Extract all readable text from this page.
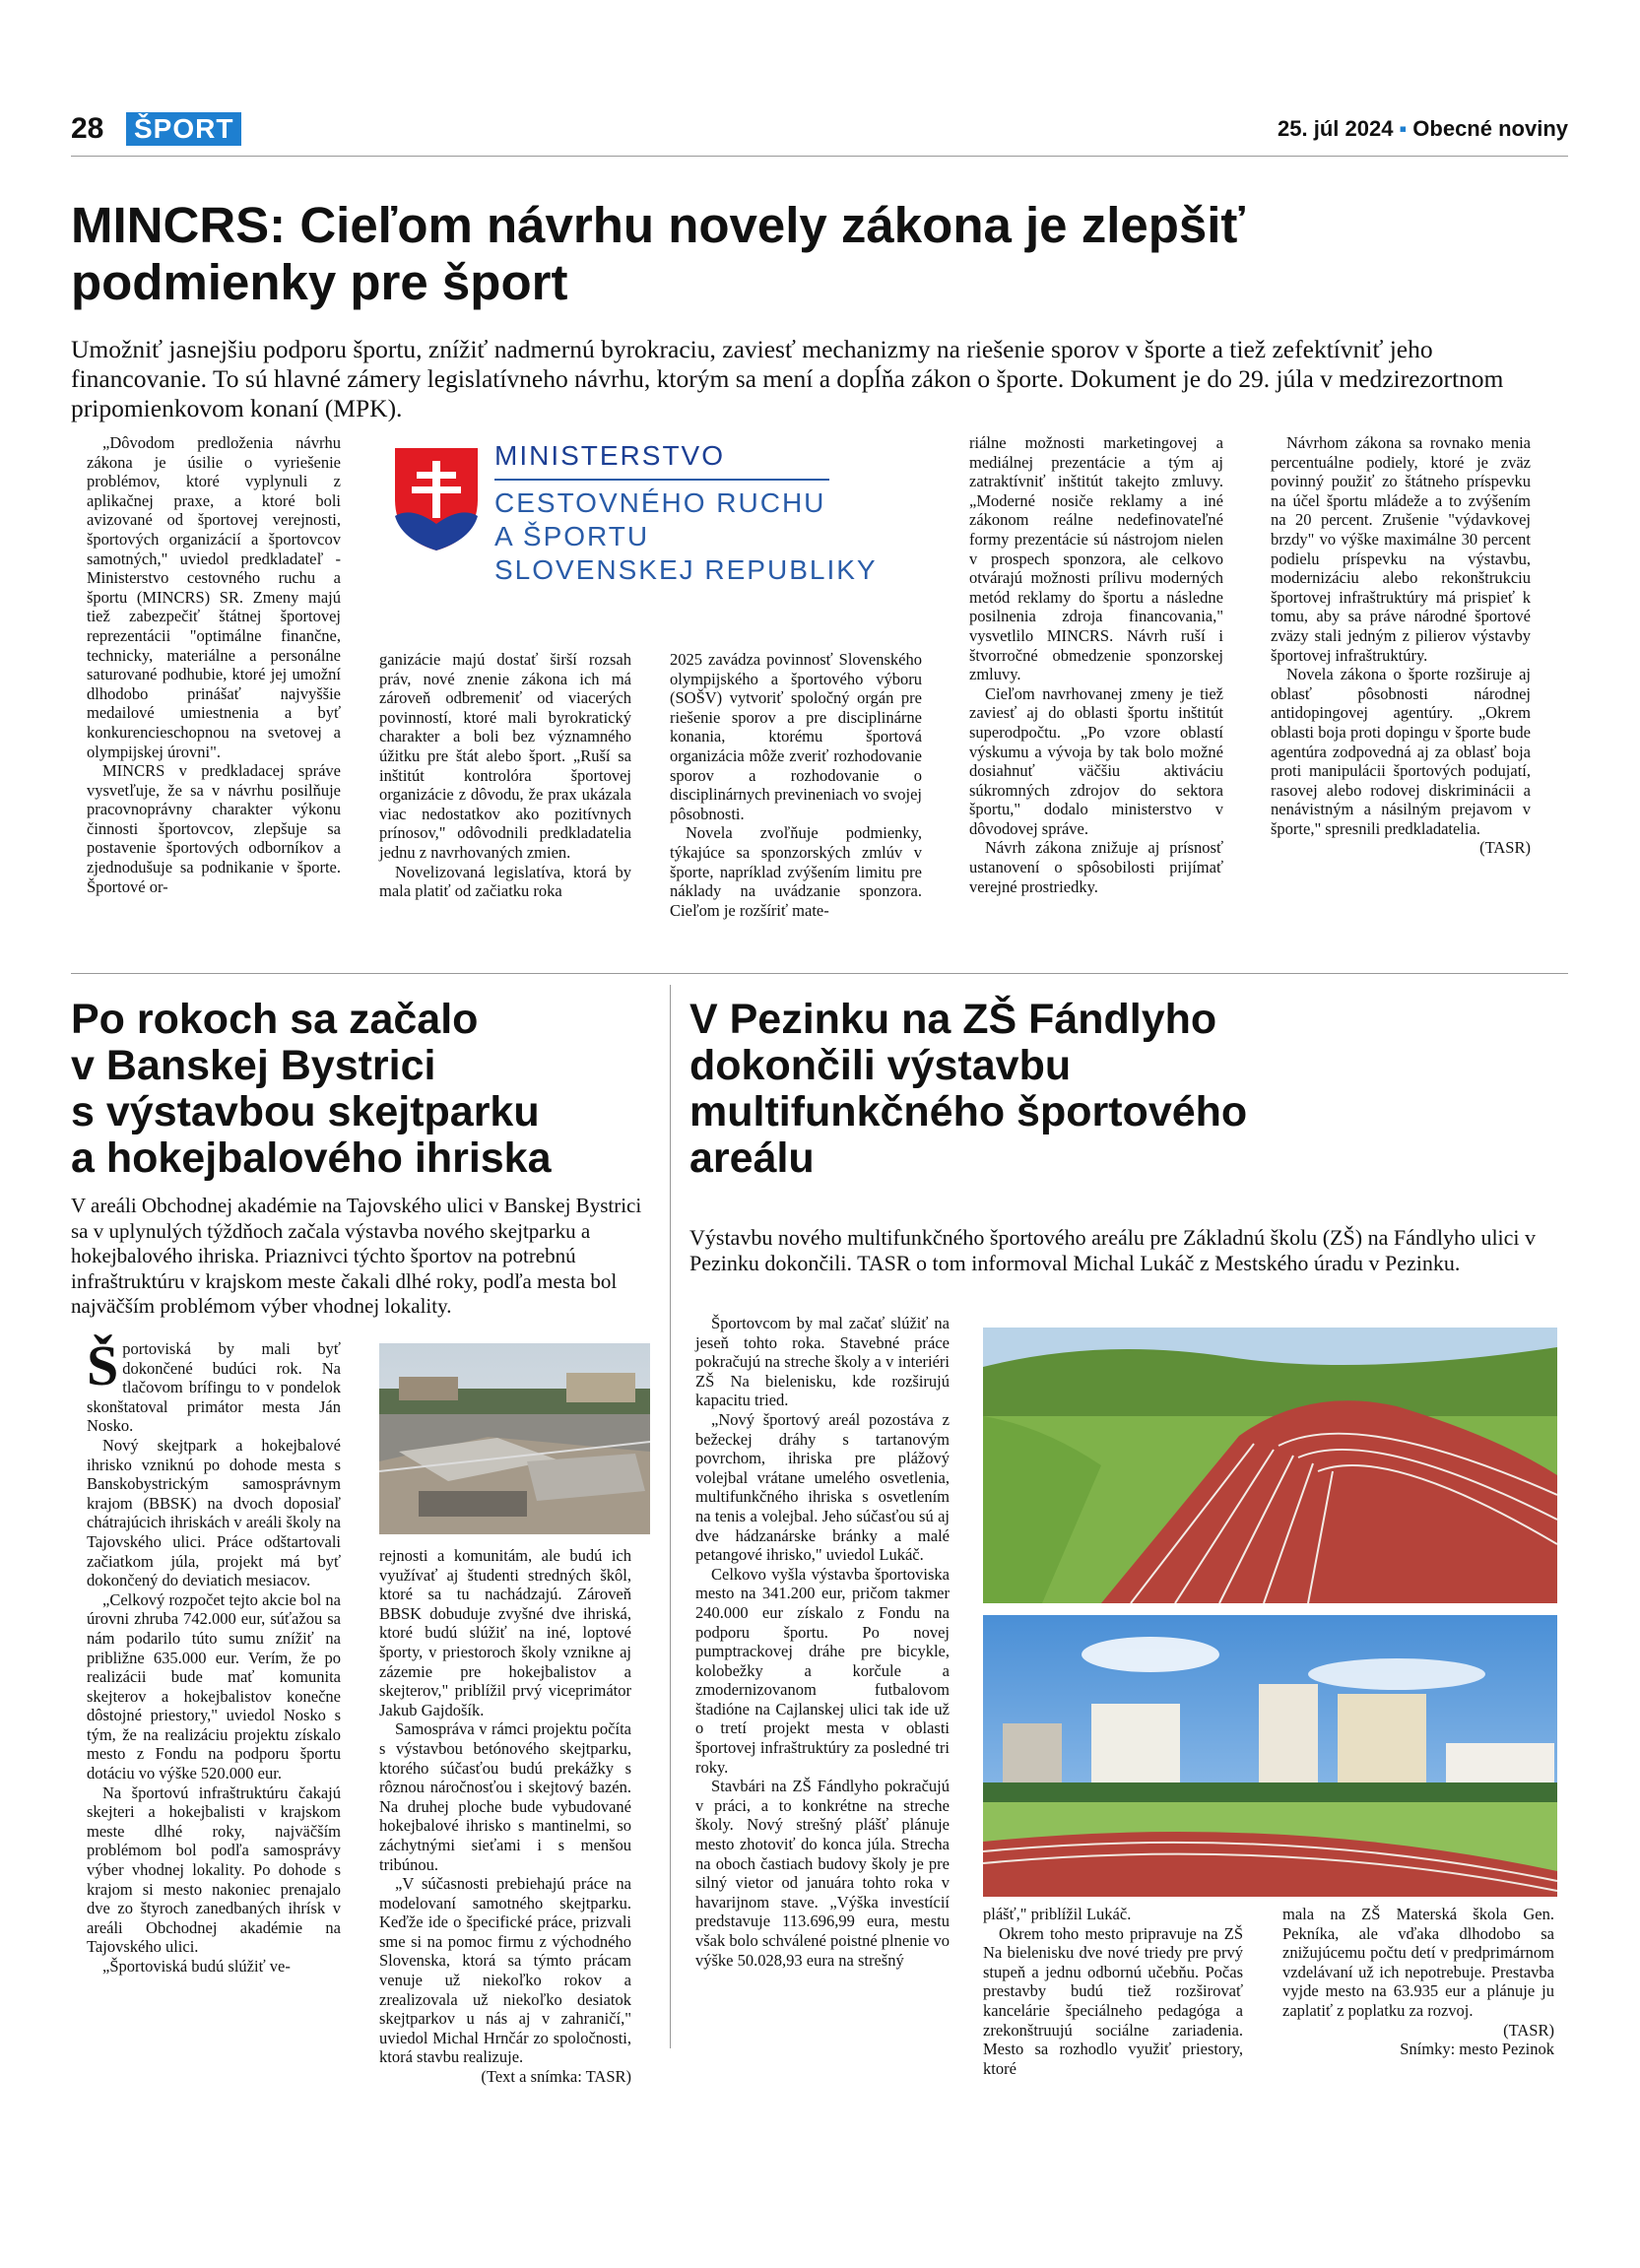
28 ŠPORT	25. júl 2024 ▪ Obecné noviny
MINCRS: Cieľom návrhu novely zákona je zlepšiť
podmienky pre šport

Umožniť jasnejšiu podporu športu, znížiť nadmernú byrokraciu, zaviesť mechanizmy na riešenie sporov v športe a tiež zefektívniť jeho financovanie. To sú hlavné zámery legislatívneho návrhu, ktorým sa mení a dopĺňa zákon o športe. Dokument je do 29. júla v medzirezortnom pripomienkovom konaní (MPK).

„Dôvodom predloženia návrhu zákona je úsilie o vyriešenie problémov, ktoré vyplynuli z aplikačnej praxe, a ktoré boli avizované od športovej verejnosti, športových organizácií a športovcov samotných," uviedol predkladateľ - Ministerstvo cestovného ruchu a športu (MINCRS) SR. Zmeny majú tiež zabezpečiť štátnej športovej reprezentácii "optimálne finančne, technicky, materiálne a personálne saturované podhubie, ktoré jej umožní dlhodobo prinášať najvyššie medailové umiestnenia a byť konkurencieschopnou na svetovej a olympijskej úrovni".

MINCRS v predkladacej správe vysvetľuje, že sa v návrhu posilňuje pracovnoprávny charakter výkonu činnosti športovcov, zlepšuje sa postavenie športových odborníkov a zjednodušuje sa podnikanie v športe. Športové or-

MINISTERSTVO
CESTOVNÉHO RUCHU
A ŠPORTU
SLOVENSKEJ REPUBLIKY

ganizácie majú dostať širší rozsah práv, nové znenie zákona ich má zároveň odbremeniť od viacerých povinností, ktoré mali byrokratický charakter a boli bez významného úžitku pre štát alebo šport. „Ruší sa inštitút kontrolóra športovej organizácie z dôvodu, že prax ukázala viac nedostatkov ako pozitívnych prínosov," odôvodnili predkladatelia jednu z navrhovaných zmien.

Novelizovaná legislatíva, ktorá by mala platiť od začiatku roka

2025 zavádza povinnosť Slovenského olympijského a športového výboru (SOŠV) vytvoriť spoločný orgán pre riešenie sporov a pre disciplinárne konania, ktorému športová organizácia môže zveriť rozhodovanie sporov a rozhodovanie o disciplinárnych previneniach vo svojej pôsobnosti.

Novela zvoľňuje podmienky, týkajúce sa sponzorských zmlúv v športe, napríklad zvýšením limitu pre náklady na uvádzanie sponzora. Cieľom je rozšíriť mate-

riálne možnosti marketingovej a mediálnej prezentácie a tým aj zatraktívniť inštitút takejto zmluvy. „Moderné nosiče reklamy a iné zákonom reálne nedefinovateľné formy prezentácie sú nástrojom nielen v prospech sponzora, ale celkovo otvárajú možnosti prílivu moderných metód reklamy do športu a následne posilnenia zdroja financovania," vysvetlilo MINCRS. Návrh ruší i štvorročné obmedzenie sponzorskej zmluvy.

Cieľom navrhovanej zmeny je tiež zaviesť aj do oblasti športu inštitút superodpočtu. „Po vzore oblastí výskumu a vývoja by tak bolo možné dosiahnuť väčšiu aktiváciu súkromných zdrojov do sektora športu," dodalo ministerstvo v dôvodovej správe.

Návrh zákona znižuje aj prísnosť ustanovení o spôsobilosti prijímať verejné prostriedky.

Návrhom zákona sa rovnako menia percentuálne podiely, ktoré je zväz povinný použiť zo štátneho príspevku na účel športu mládeže a to zvýšením na 20 percent. Zrušenie "výdavkovej brzdy" vo výške maximálne 30 percent podielu príspevku na výstavbu, modernizáciu alebo rekonštrukciu športovej infraštruktúry má prispieť k tomu, aby sa práve národné športové zväzy stali jedným z pilierov výstavby športovej infraštruktúry.

Novela zákona o športe rozširuje aj oblasť pôsobnosti národnej antidopingovej agentúry. „Okrem oblasti boja proti dopingu v športe bude agentúra zodpovedná aj za oblasť boja proti manipulácii športových podujatí, rasovej alebo rodovej diskriminácii a nenávistným a násilným prejavom v športe," spresnili predkladatelia.

(TASR)

Po rokoch sa začalo
v Banskej Bystrici
s výstavbou skejtparku
a hokejbalového ihriska

V areáli Obchodnej akadémie na Tajovského ulici v Banskej Bystrici sa v uplynulých týždňoch začala výstavba nového skejtparku a hokejbalového ihriska. Priaznivci týchto športov na potrebnú infraštruktúru v krajskom meste čakali dlhé roky, podľa mesta bol najväčším problémom výber vhodnej lokality.

Športoviská by mali byť dokončené budúci rok. Na tlačovom brífingu to v pondelok skonštatoval primátor mesta Ján Nosko.

Nový skejtpark a hokejbalové ihrisko vzniknú po dohode mesta s Banskobystrickým samosprávnym krajom (BBSK) na dvoch doposiaľ chátrajúcich ihriskách v areáli školy na Tajovského ulici. Práce odštartovali začiatkom júla, projekt má byť dokončený do deviatich mesiacov.

„Celkový rozpočet tejto akcie bol na úrovni zhruba 742.000 eur, súťažou sa nám podarilo túto sumu znížiť na približne 635.000 eur. Verím, že po realizácii bude mať komunita skejterov a hokejbalistov konečne dôstojné priestory," uviedol Nosko s tým, že na realizáciu projektu získalo mesto z Fondu na podporu športu dotáciu vo výške 520.000 eur.

Na športovú infraštruktúru čakajú skejteri a hokejbalisti v krajskom meste dlhé roky, najväčším problémom bol podľa samosprávy výber vhodnej lokality. Po dohode s krajom si mesto nakoniec prenajalo dve zo štyroch zanedbaných ihrísk v areáli Obchodnej akadémie na Tajovského ulici.

„Športoviská budú slúžiť ve-

rejnosti a komunitám, ale budú ich využívať aj študenti stredných škôl, ktoré sa tu nachádzajú. Zároveň BBSK dobuduje zvyšné dve ihriská, ktoré budú slúžiť na iné, loptové športy, v priestoroch školy vznikne aj zázemie pre hokejbalistov a skejterov," priblížil prvý viceprimátor Jakub Gajdošík.

Samospráva v rámci projektu počíta s výstavbou betónového skejtparku, ktorého súčasťou budú prekážky s rôznou náročnosťou i skejtový bazén. Na druhej ploche bude vybudované hokejbalové ihrisko s mantinelmi, so záchytnými sieťami i s menšou tribúnou.

„V súčasnosti prebiehajú práce na modelovaní samotného skejtparku. Keďže ide o špecifické práce, prizvali sme si na pomoc firmu z východného Slovenska, ktorá sa týmto prácam venuje už niekoľko rokov a zrealizovala už niekoľko desiatok skejtparkov u nás aj v zahraničí," uviedol Michal Hrnčár zo spoločnosti, ktorá stavbu realizuje.

(Text a snímka: TASR)

V Pezinku na ZŠ Fándlyho
dokončili výstavbu
multifunkčného športového
areálu

Výstavbu nového multifunkčného športového areálu pre Základnú školu (ZŠ) na Fándlyho ulici v Pezinku dokončili. TASR o tom informoval Michal Lukáč z Mestského úradu v Pezinku.

Športovcom by mal začať slúžiť na jeseň tohto roka. Stavebné práce pokračujú na streche školy a v interiéri ZŠ Na bielenisku, kde rozširujú kapacitu tried.

„Nový športový areál pozostáva z bežeckej dráhy s tartanovým povrchom, ihriska pre plážový volejbal vrátane umelého osvetlenia, multifunkčného ihriska s osvetlením na tenis a volejbal. Jeho súčasťou sú aj dve hádzanárske bránky a malé petangové ihrisko," uviedol Lukáč.

Celkovo vyšla výstavba športoviska mesto na 341.200 eur, pričom takmer 240.000 eur získalo z Fondu na podporu športu. Po novej pumptrackovej dráhe pre bicykle, kolobežky a korčule a zmodernizovanom futbalovom štadióne na Cajlanskej ulici tak ide už o tretí projekt mesta v oblasti športovej infraštruktúry za posledné tri roky.

Stavbári na ZŠ Fándlyho pokračujú v práci, a to konkrétne na streche školy. Nový strešný plášť plánuje mesto zhotoviť do konca júla. Strecha na oboch častiach budovy školy je pre silný vietor od januára tohto roka v havarijnom stave. „Výška investícií predstavuje 113.696,99 eura, mestu však bolo schválené poistné plnenie vo výške 50.028,93 eura na strešný

plášť," priblížil Lukáč.

Okrem toho mesto pripravuje na ZŠ Na bielenisku dve nové triedy pre prvý stupeň a jednu odbornú učebňu. Počas prestavby budú tiež rozširovať kancelárie špeciálneho pedagóga a zrekonštruujú sociálne zariadenia. Mesto sa rozhodlo využiť priestory, ktoré

mala na ZŠ Materská škola Gen. Pekníka, ale vďaka dlhodobo sa znižujúcemu počtu detí v predprimárnom vzdelávaní už ich nepotrebuje. Prestavba vyjde mesto na 63.935 eur a plánuje ju zaplatiť z poplatku za rozvoj.

(TASR)

Snímky: mesto Pezinok
